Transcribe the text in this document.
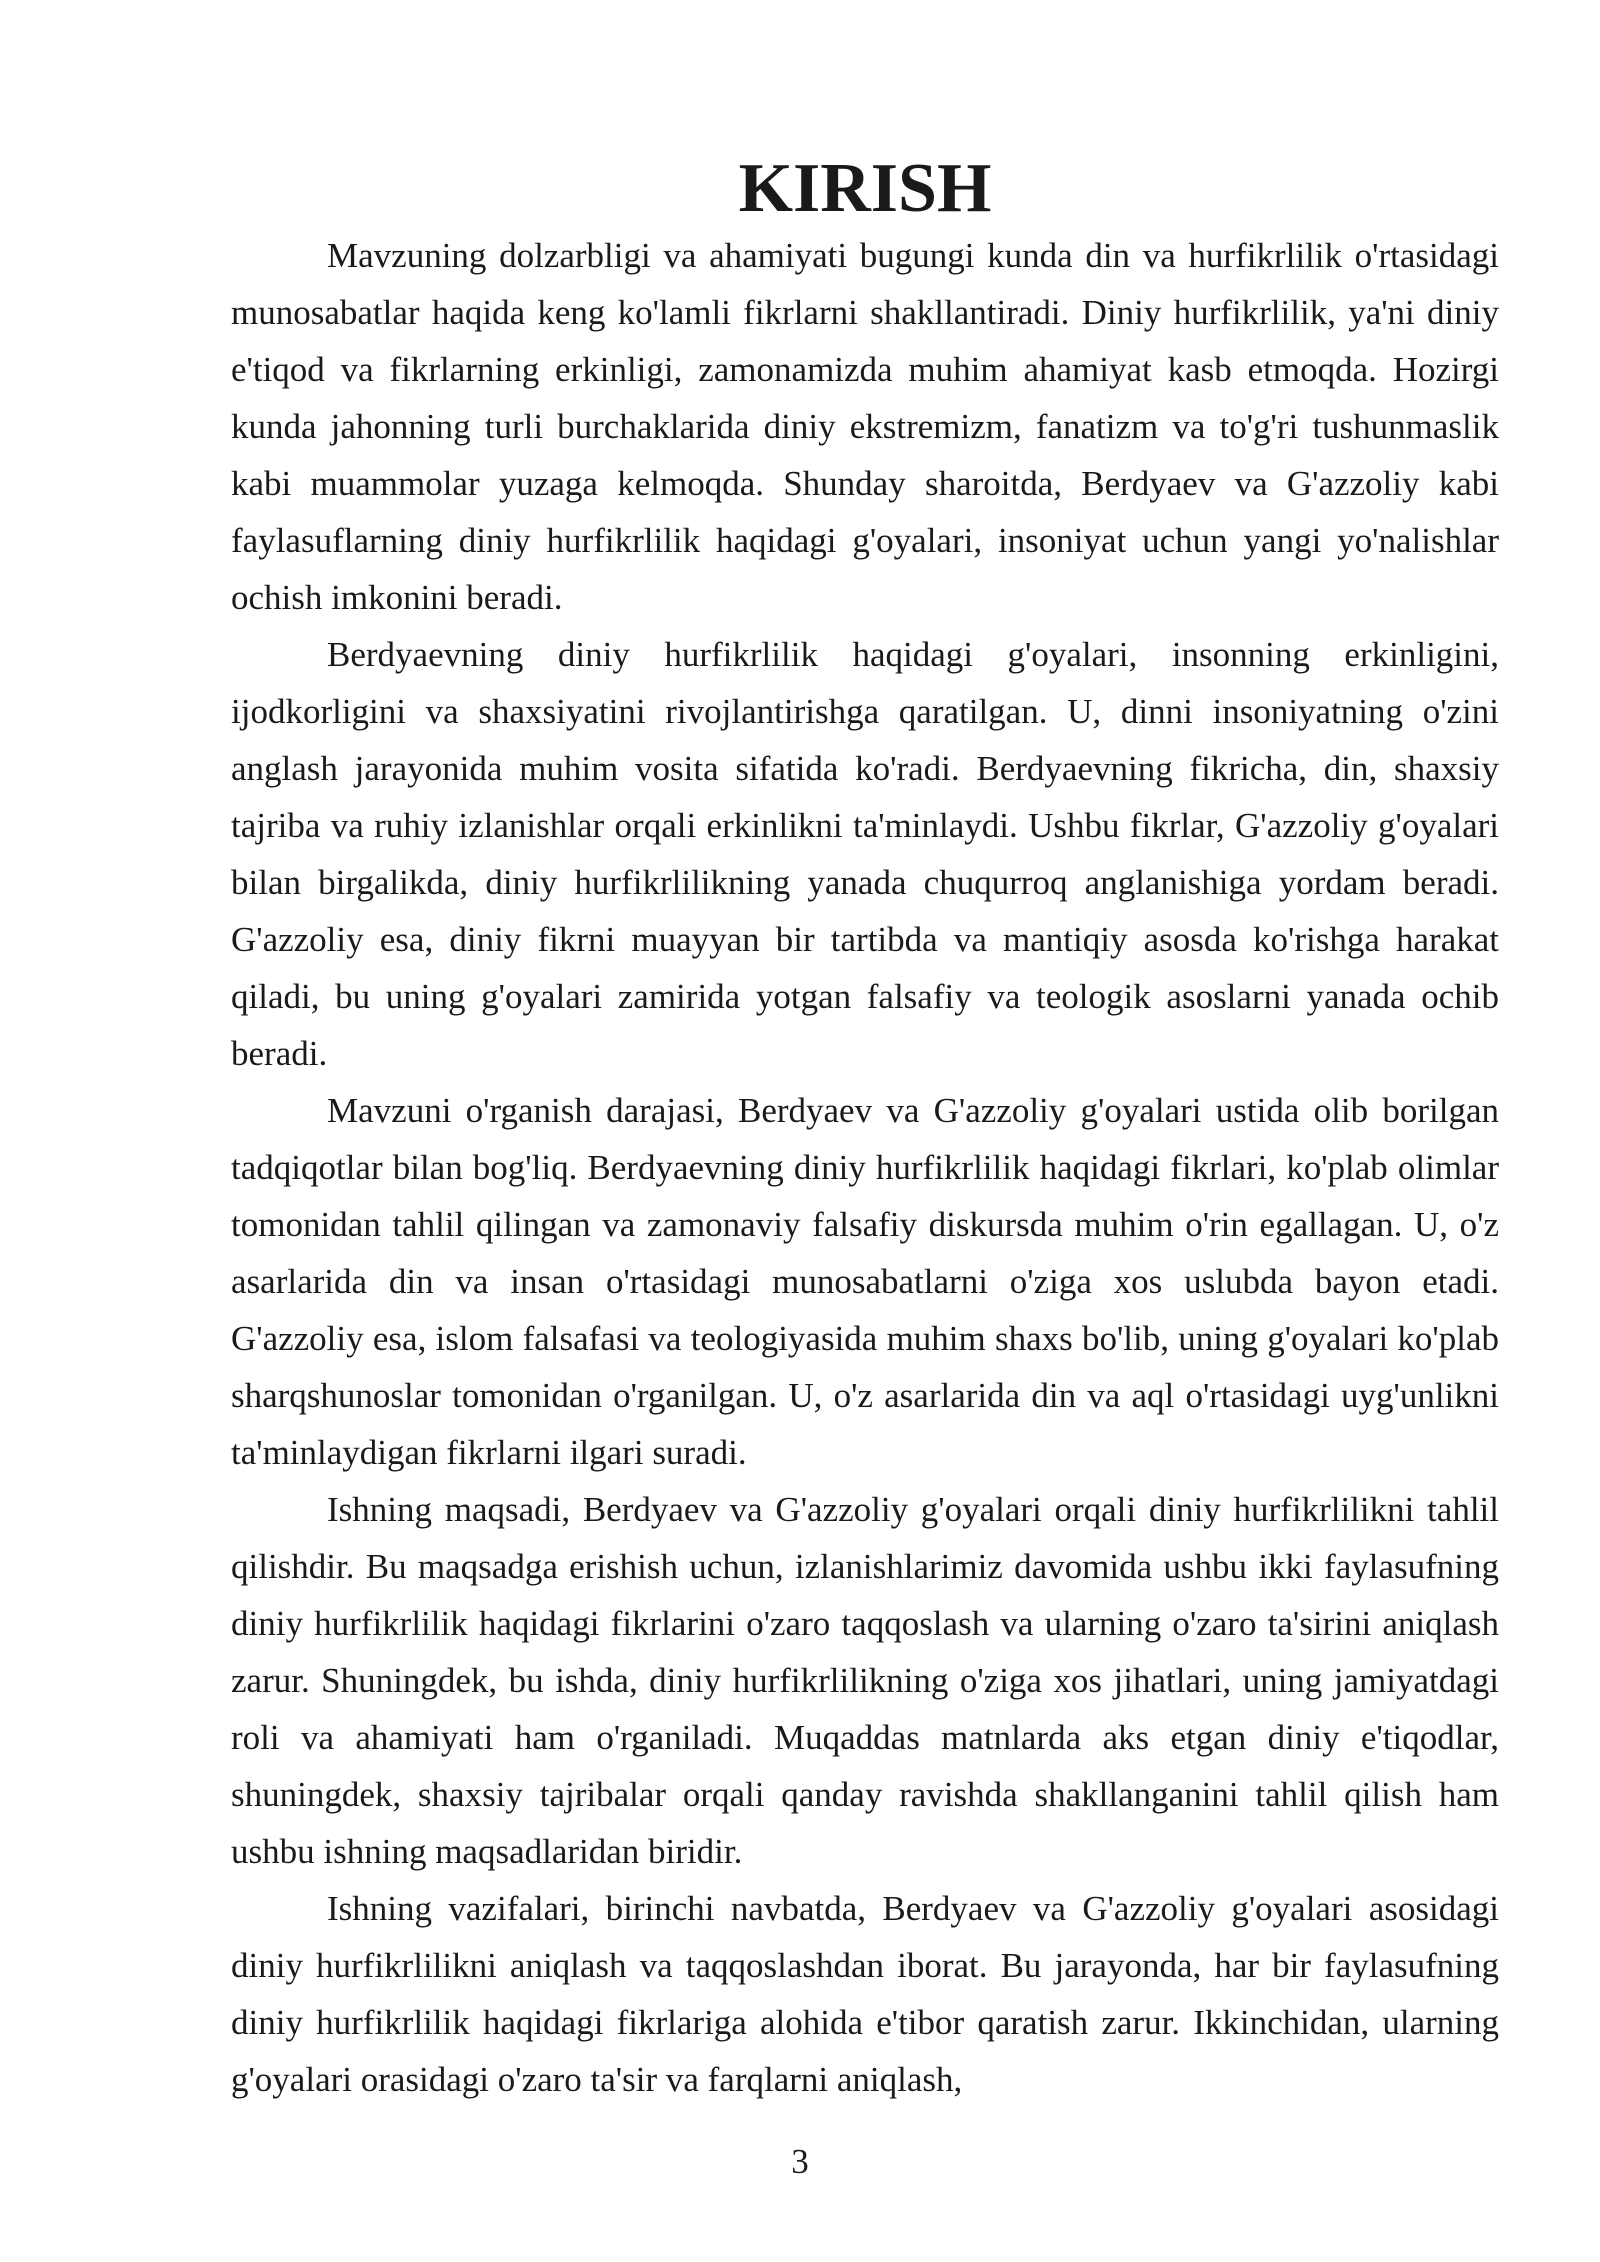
KIRISH

Mavzuning dolzarbligi va ahamiyati bugungi kunda din va hurfikrlilik o'rtasidagi munosabatlar haqida keng ko'lamli fikrlarni shakllantiradi. Diniy hurfikrlilik, ya'ni diniy e'tiqod va fikrlarning erkinligi, zamonamizda muhim ahamiyat kasb etmoqda. Hozirgi kunda jahonning turli burchaklarida diniy ekstremizm, fanatizm va to'g'ri tushunmaslik kabi muammolar yuzaga kelmoqda. Shunday sharoitda, Berdyaev va G'azzoliy kabi faylasuflarning diniy hurfikrlilik haqidagi g'oyalari, insoniyat uchun yangi yo'nalishlar ochish imkonini beradi.

Berdyaevning diniy hurfikrlilik haqidagi g'oyalari, insonning erkinligini, ijodkorligini va shaxsiyatini rivojlantirishga qaratilgan. U, dinni insoniyatning o'zini anglash jarayonida muhim vosita sifatida ko'radi. Berdyaevning fikricha, din, shaxsiy tajriba va ruhiy izlanishlar orqali erkinlikni ta'minlaydi. Ushbu fikrlar, G'azzoliy g'oyalari bilan birgalikda, diniy hurfikrlilikning yanada chuqurroq anglanishiga yordam beradi. G'azzoliy esa, diniy fikrni muayyan bir tartibda va mantiqiy asosda ko'rishga harakat qiladi, bu uning g'oyalari zamirida yotgan falsafiy va teologik asoslarni yanada ochib beradi.

Mavzuni o'rganish darajasi, Berdyaev va G'azzoliy g'oyalari ustida olib borilgan tadqiqotlar bilan bog'liq. Berdyaevning diniy hurfikrlilik haqidagi fikrlari, ko'plab olimlar tomonidan tahlil qilingan va zamonaviy falsafiy diskursda muhim o'rin egallagan. U, o'z asarlarida din va insan o'rtasidagi munosabatlarni o'ziga xos uslubda bayon etadi. G'azzoliy esa, islom falsafasi va teologiyasida muhim shaxs bo'lib, uning g'oyalari ko'plab sharqshunoslar tomonidan o'rganilgan. U, o'z asarlarida din va aql o'rtasidagi uyg'unlikni ta'minlaydigan fikrlarni ilgari suradi.

Ishning maqsadi, Berdyaev va G'azzoliy g'oyalari orqali diniy hurfikrlilikni tahlil qilishdir. Bu maqsadga erishish uchun, izlanishlarimiz davomida ushbu ikki faylasufning diniy hurfikrlilik haqidagi fikrlarini o'zaro taqqoslash va ularning o'zaro ta'sirini aniqlash zarur. Shuningdek, bu ishda, diniy hurfikrlilikning o'ziga xos jihatlari, uning jamiyatdagi roli va ahamiyati ham o'rganiladi. Muqaddas matnlarda aks etgan diniy e'tiqodlar, shuningdek, shaxsiy tajribalar orqali qanday ravishda shakllanganini tahlil qilish ham ushbu ishning maqsadlaridan biridir.

Ishning vazifalari, birinchi navbatda, Berdyaev va G'azzoliy g'oyalari asosidagi diniy hurfikrlilikni aniqlash va taqqoslashdan iborat. Bu jarayonda, har bir faylasufning diniy hurfikrlilik haqidagi fikrlariga alohida e'tibor qaratish zarur. Ikkinchidan, ularning g'oyalari orasidagi o'zaro ta'sir va farqlarni aniqlash,

3
